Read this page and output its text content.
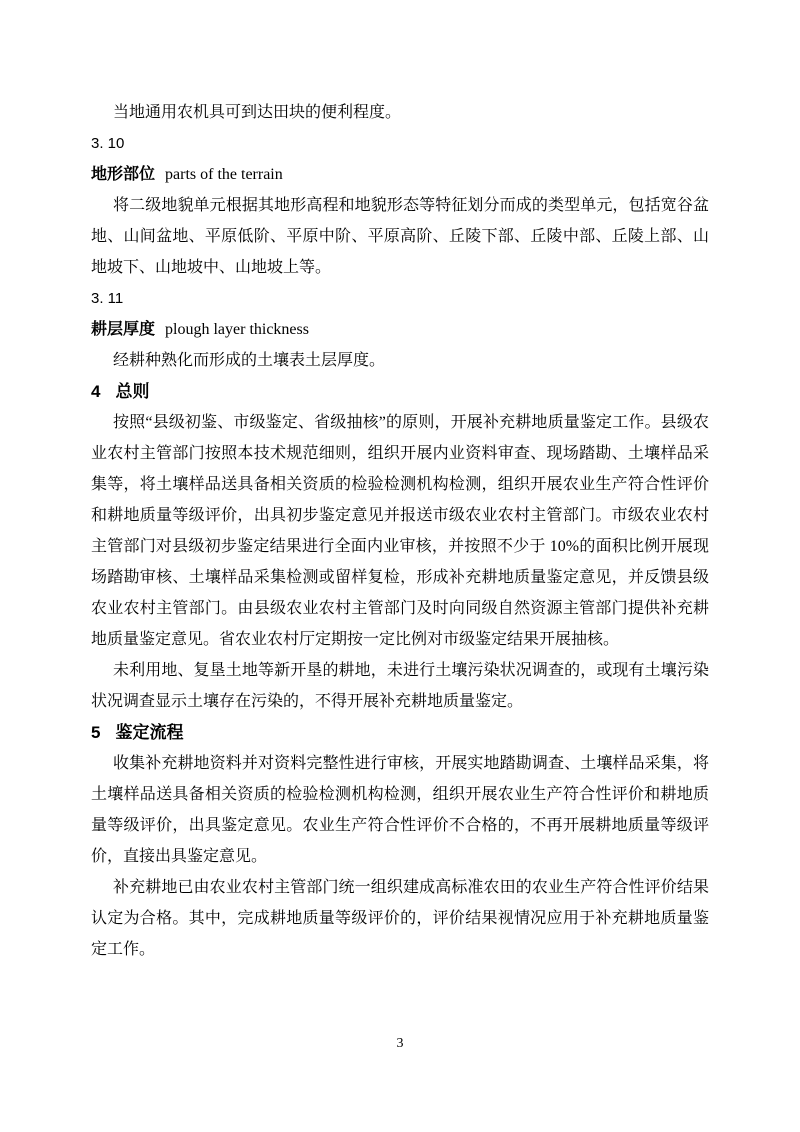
当地通用农机具可到达田块的便利程度。

3. 10

地形部位 parts of the terrain

将二级地貌单元根据其地形高程和地貌形态等特征划分而成的类型单元，包括宽谷盆地、山间盆地、平原低阶、平原中阶、平原高阶、丘陵下部、丘陵中部、丘陵上部、山地坡下、山地坡中、山地坡上等。

3. 11

耕层厚度 plough layer thickness

经耕种熟化而形成的土壤表土层厚度。

4 总则

按照“县级初鉴、市级鉴定、省级抽核”的原则，开展补充耕地质量鉴定工作。县级农业农村主管部门按照本技术规范细则，组织开展内业资料审查、现场踏勘、土壤样品采集等，将土壤样品送具备相关资质的检验检测机构检测，组织开展农业生产符合性评价和耕地质量等级评价，出具初步鉴定意见并报送市级农业农村主管部门。市级农业农村主管部门对县级初步鉴定结果进行全面内业审核，并按照不少于 10%的面积比例开展现场踏勘审核、土壤样品采集检测或留样复检，形成补充耕地质量鉴定意见，并反馈县级农业农村主管部门。由县级农业农村主管部门及时向同级自然资源主管部门提供补充耕地质量鉴定意见。省农业农村厅定期按一定比例对市级鉴定结果开展抽核。

未利用地、复垦土地等新开垦的耕地，未进行土壤污染状况调查的，或现有土壤污染状况调查显示土壤存在污染的，不得开展补充耕地质量鉴定。

5 鉴定流程

收集补充耕地资料并对资料完整性进行审核，开展实地踏勘调查、土壤样品采集，将土壤样品送具备相关资质的检验检测机构检测，组织开展农业生产符合性评价和耕地质量等级评价，出具鉴定意见。农业生产符合性评价不合格的，不再开展耕地质量等级评价，直接出具鉴定意见。

补充耕地已由农业农村主管部门统一组织建成高标准农田的农业生产符合性评价结果认定为合格。其中，完成耕地质量等级评价的，评价结果视情况应用于补充耕地质量鉴定工作。

3
